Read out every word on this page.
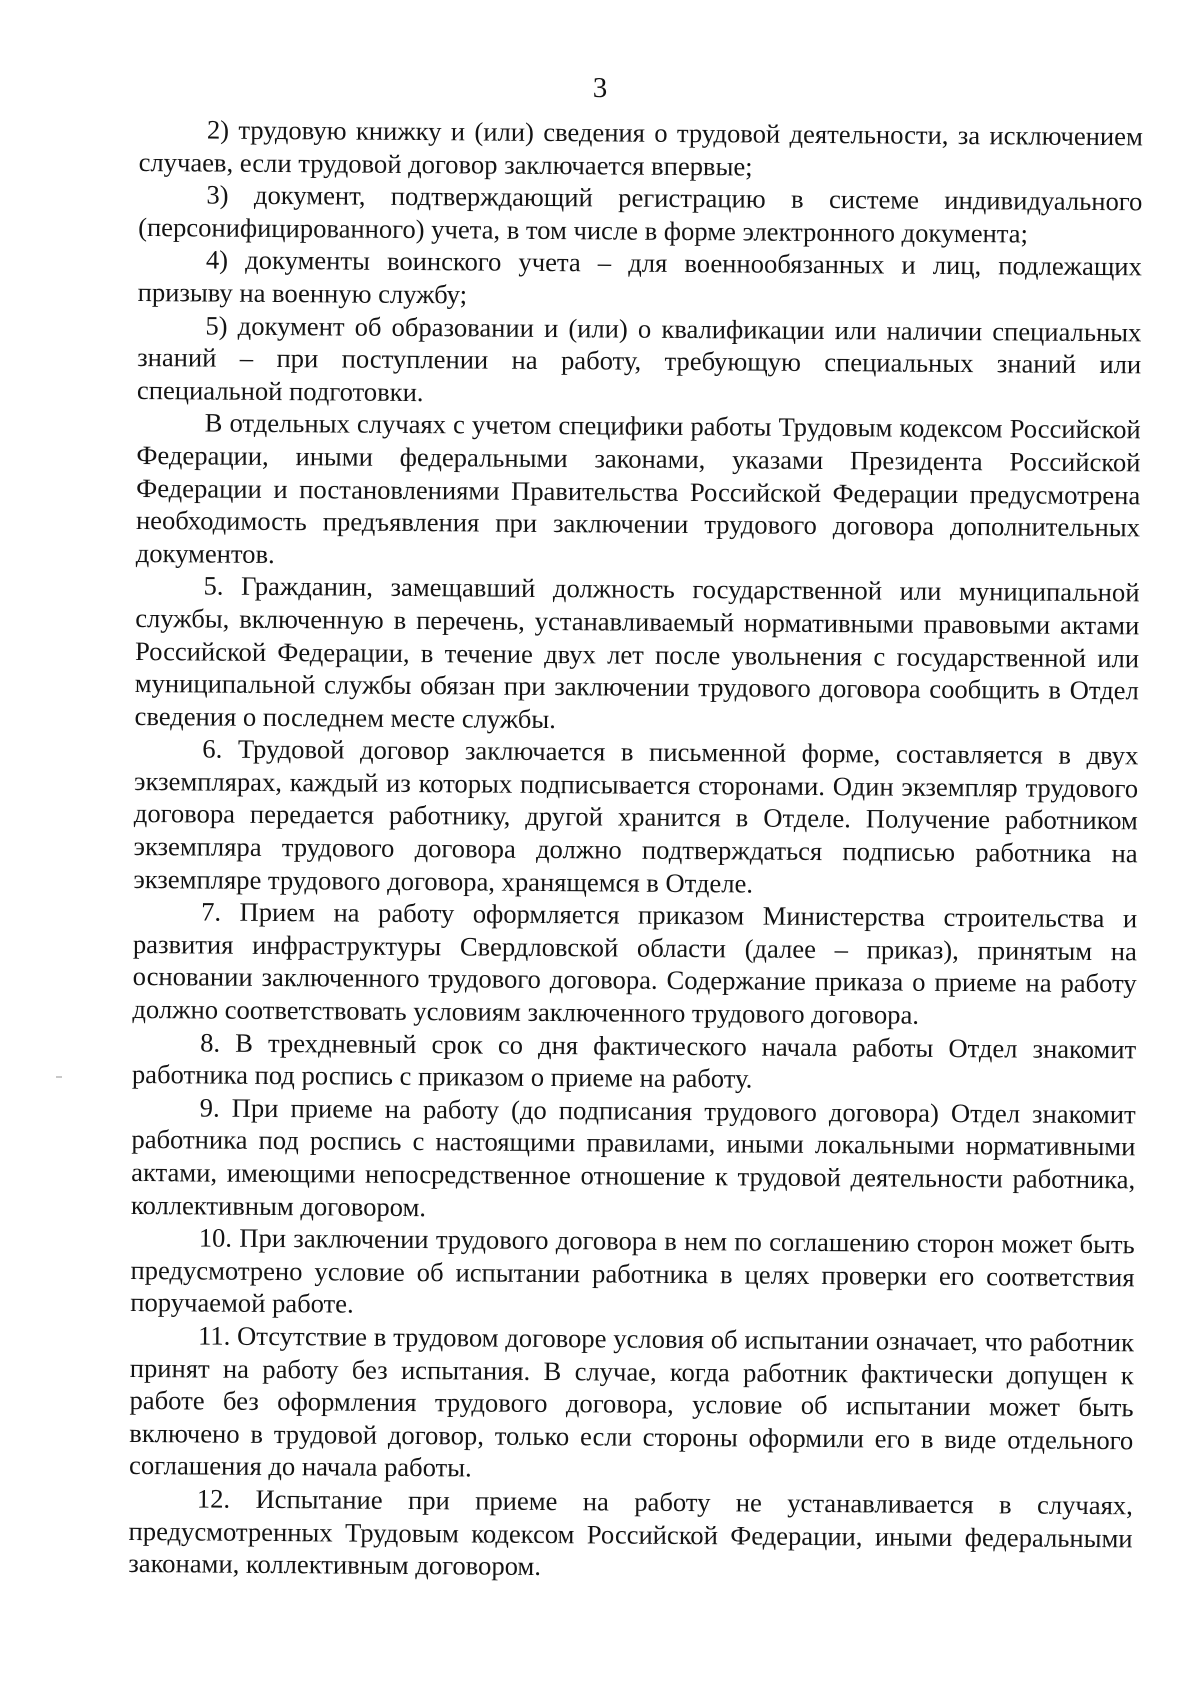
3

2) трудовую книжку и (или) сведения о трудовой деятельности, за исключением случаев, если трудовой договор заключается впервые;

3) документ, подтверждающий регистрацию в системе индивидуального (персонифицированного) учета, в том числе в форме электронного документа;

4) документы воинского учета – для военнообязанных и лиц, подлежащих призыву на военную службу;

5) документ об образовании и (или) о квалификации или наличии специальных знаний – при поступлении на работу, требующую специальных знаний или специальной подготовки.

В отдельных случаях с учетом специфики работы Трудовым кодексом Российской Федерации, иными федеральными законами, указами Президента Российской Федерации и постановлениями Правительства Российской Федерации предусмотрена необходимость предъявления при заключении трудового договора дополнительных документов.

5. Гражданин, замещавший должность государственной или муниципальной службы, включенную в перечень, устанавливаемый нормативными правовыми актами Российской Федерации, в течение двух лет после увольнения с государственной или муниципальной службы обязан при заключении трудового договора сообщить в Отдел сведения о последнем месте службы.

6. Трудовой договор заключается в письменной форме, составляется в двух экземплярах, каждый из которых подписывается сторонами. Один экземпляр трудового договора передается работнику, другой хранится в Отделе. Получение работником экземпляра трудового договора должно подтверждаться подписью работника на экземпляре трудового договора, хранящемся в Отделе.

7. Прием на работу оформляется приказом Министерства строительства и развития инфраструктуры Свердловской области (далее – приказ), принятым на основании заключенного трудового договора. Содержание приказа о приеме на работу должно соответствовать условиям заключенного трудового договора.

8. В трехдневный срок со дня фактического начала работы Отдел знакомит работника под роспись с приказом о приеме на работу.

9. При приеме на работу (до подписания трудового договора) Отдел знакомит работника под роспись с настоящими правилами, иными локальными нормативными актами, имеющими непосредственное отношение к трудовой деятельности работника, коллективным договором.

10. При заключении трудового договора в нем по соглашению сторон может быть предусмотрено условие об испытании работника в целях проверки его соответствия поручаемой работе.

11. Отсутствие в трудовом договоре условия об испытании означает, что работник принят на работу без испытания. В случае, когда работник фактически допущен к работе без оформления трудового договора, условие об испытании может быть включено в трудовой договор, только если стороны оформили его в виде отдельного соглашения до начала работы.

12. Испытание при приеме на работу не устанавливается в случаях, предусмотренных Трудовым кодексом Российской Федерации, иными федеральными законами, коллективным договором.
